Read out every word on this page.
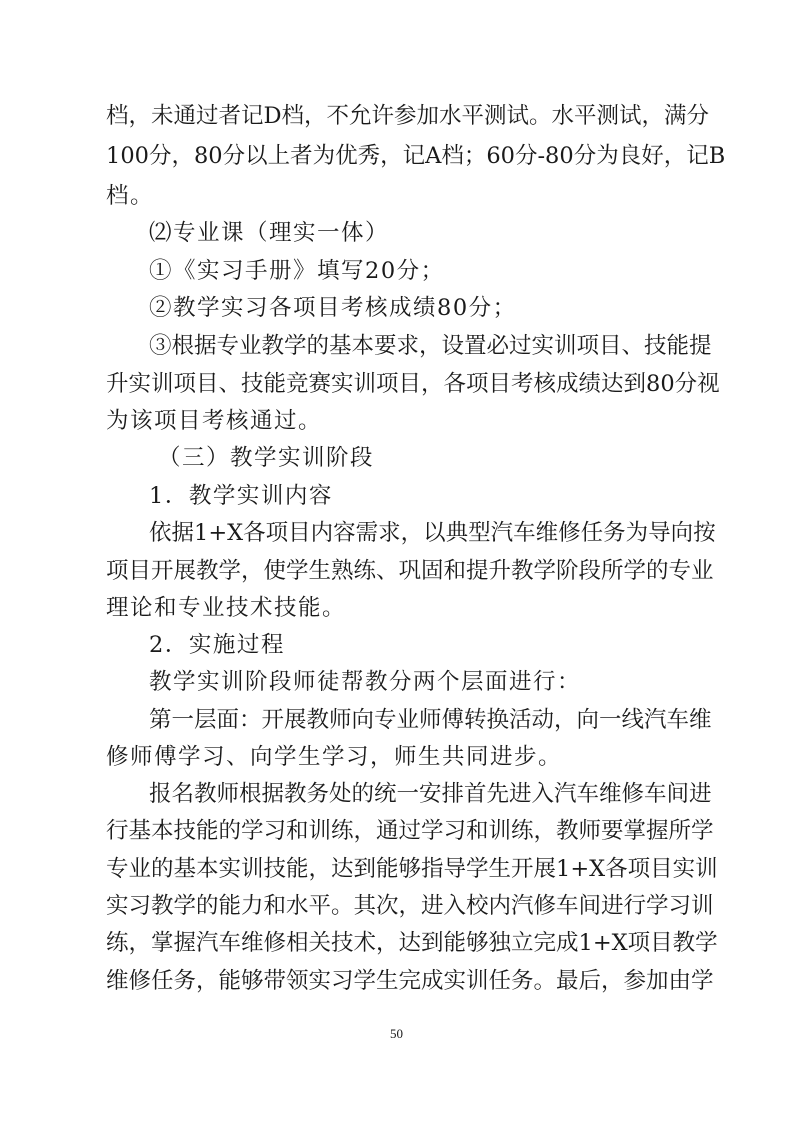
档，未通过者记D档，不允许参加水平测试。水平测试，满分
100分，80分以上者为优秀，记A档；60分-80分为良好，记B
档。
⑵专业课（理实一体）
①《实习手册》填写20分；
②教学实习各项目考核成绩80分；
③根据专业教学的基本要求，设置必过实训项目、技能提
升实训项目、技能竞赛实训项目，各项目考核成绩达到80分视
为该项目考核通过。
（三）教学实训阶段
1．教学实训内容
依据1+X各项目内容需求，以典型汽车维修任务为导向按
项目开展教学，使学生熟练、巩固和提升教学阶段所学的专业
理论和专业技术技能。
2．实施过程
教学实训阶段师徒帮教分两个层面进行：
第一层面：开展教师向专业师傅转换活动，向一线汽车维
修师傅学习、向学生学习，师生共同进步。
报名教师根据教务处的统一安排首先进入汽车维修车间进
行基本技能的学习和训练，通过学习和训练，教师要掌握所学
专业的基本实训技能，达到能够指导学生开展1+X各项目实训
实习教学的能力和水平。其次，进入校内汽修车间进行学习训
练，掌握汽车维修相关技术，达到能够独立完成1+X项目教学
维修任务，能够带领实习学生完成实训任务。最后，参加由学
50
